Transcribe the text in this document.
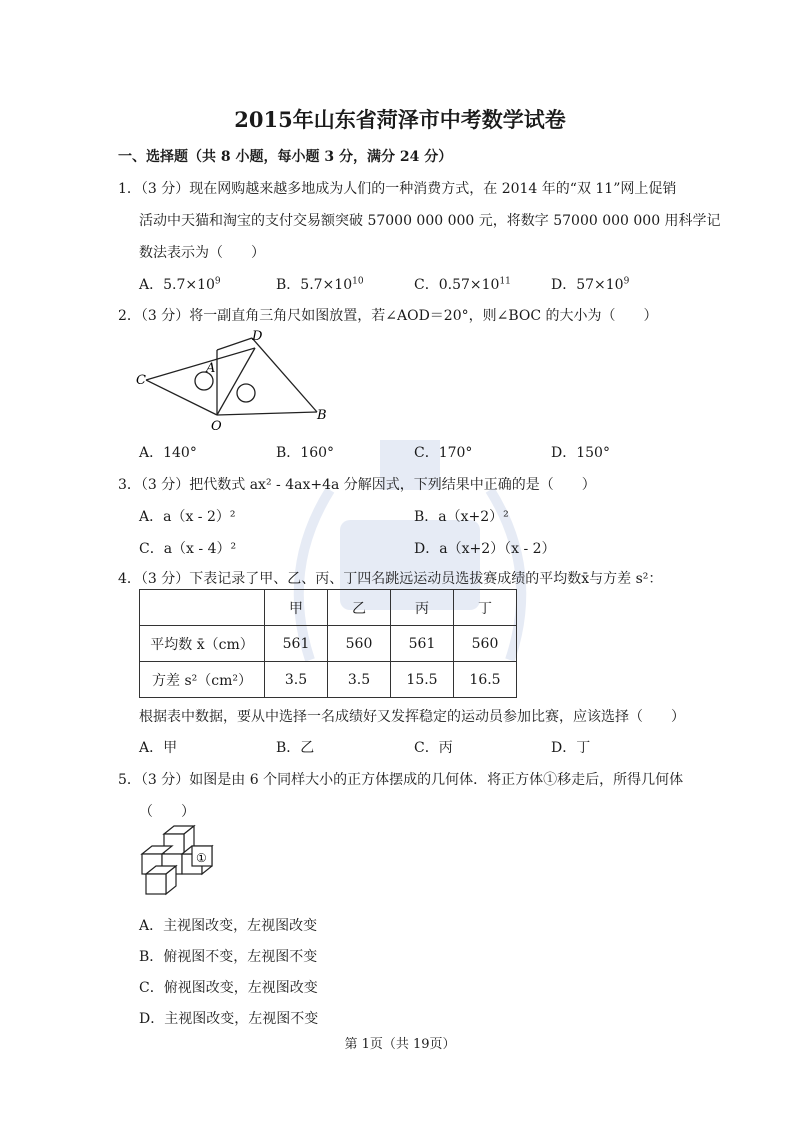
2015年山东省菏泽市中考数学试卷
一、选择题（共 8 小题，每小题 3 分，满分 24 分）
1．（3 分）现在网购越来越多地成为人们的一种消费方式，在 2014 年的“双 11”网上促销
活动中天猫和淘宝的支付交易额突破 57000 000 000 元，将数字 57000 000 000 用科学记
数法表示为（　　）
A．$5.7\times 10^9$	B．$5.7\times 10^{10}$	C．$0.57\times 10^{11}$	D．$57\times 10^9$
2．（3 分）将一副直角三角尺如图放置，若∠AOD＝20°，则∠BOC 的大小为（　　）
C
A
D
O
B
A．140°	B．160°	C．170°	D．150°
3．（3 分）把代数式 ax² - 4ax+4a 分解因式，下列结果中正确的是（　　）
A．a（x - 2）²	B．a（x+2）²
C．a（x - 4）²	D．a（x+2）（x - 2）
4．（3 分）下表记录了甲、乙、丙、丁四名跳远运动员选拔赛成绩的平均数x̄与方差 s²：
	甲	乙	丙	丁
平均数 x̄（cm）	561	560	561	560
方差 s²（cm²）	3.5	3.5	15.5	16.5
根据表中数据，要从中选择一名成绩好又发挥稳定的运动员参加比赛，应该选择（　　）
A．甲	B．乙	C．丙	D．丁
5．（3 分）如图是由 6 个同样大小的正方体摆成的几何体．将正方体①移走后，所得几何体
（　　）
①
A．主视图改变，左视图改变
B．俯视图不变，左视图不变
C．俯视图改变，左视图改变
D．主视图改变，左视图不变
第 1页（共 19页）
